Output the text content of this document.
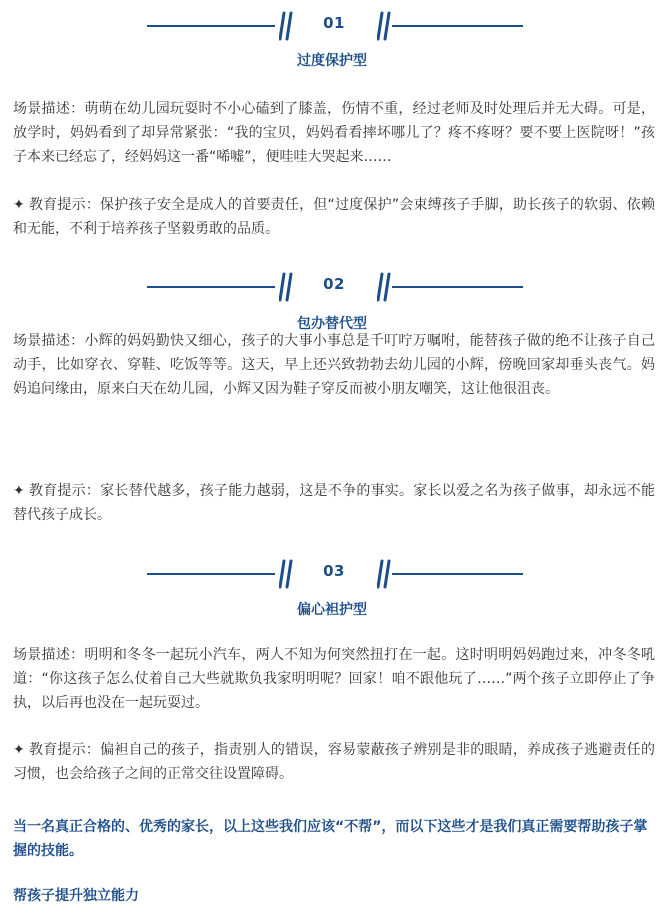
01
过度保护型

场景描述：萌萌在幼儿园玩耍时不小心磕到了膝盖，伤情不重，经过老师及时处理后并无大碍。可是，放学时，妈妈看到了却异常紧张：“我的宝贝，妈妈看看摔坏哪儿了？疼不疼呀？要不要上医院呀！”孩子本来已经忘了，经妈妈这一番“唏嘘”，便哇哇大哭起来……

✦ 教育提示：保护孩子安全是成人的首要责任，但“过度保护”会束缚孩子手脚，助长孩子的软弱、依赖和无能，不利于培养孩子坚毅勇敢的品质。

02
包办替代型

场景描述：小辉的妈妈勤快又细心，孩子的大事小事总是千叮咛万嘱咐，能替孩子做的绝不让孩子自己动手，比如穿衣、穿鞋、吃饭等等。这天，早上还兴致勃勃去幼儿园的小辉，傍晚回家却垂头丧气。妈妈追问缘由，原来白天在幼儿园，小辉又因为鞋子穿反而被小朋友嘲笑，这让他很沮丧。

✦ 教育提示：家长替代越多，孩子能力越弱，这是不争的事实。家长以爱之名为孩子做事，却永远不能替代孩子成长。

03
偏心袒护型

场景描述：明明和冬冬一起玩小汽车，两人不知为何突然扭打在一起。这时明明妈妈跑过来，冲冬冬吼道：“你这孩子怎么仗着自己大些就欺负我家明明呢？回家！咱不跟他玩了……”两个孩子立即停止了争执，以后再也没在一起玩耍过。

✦ 教育提示：偏袒自己的孩子，指责别人的错误，容易蒙蔽孩子辨别是非的眼睛，养成孩子逃避责任的习惯，也会给孩子之间的正常交往设置障碍。

当一名真正合格的、优秀的家长，以上这些我们应该“不帮”，而以下这些才是我们真正需要帮助孩子掌握的技能。

帮孩子提升独立能力
